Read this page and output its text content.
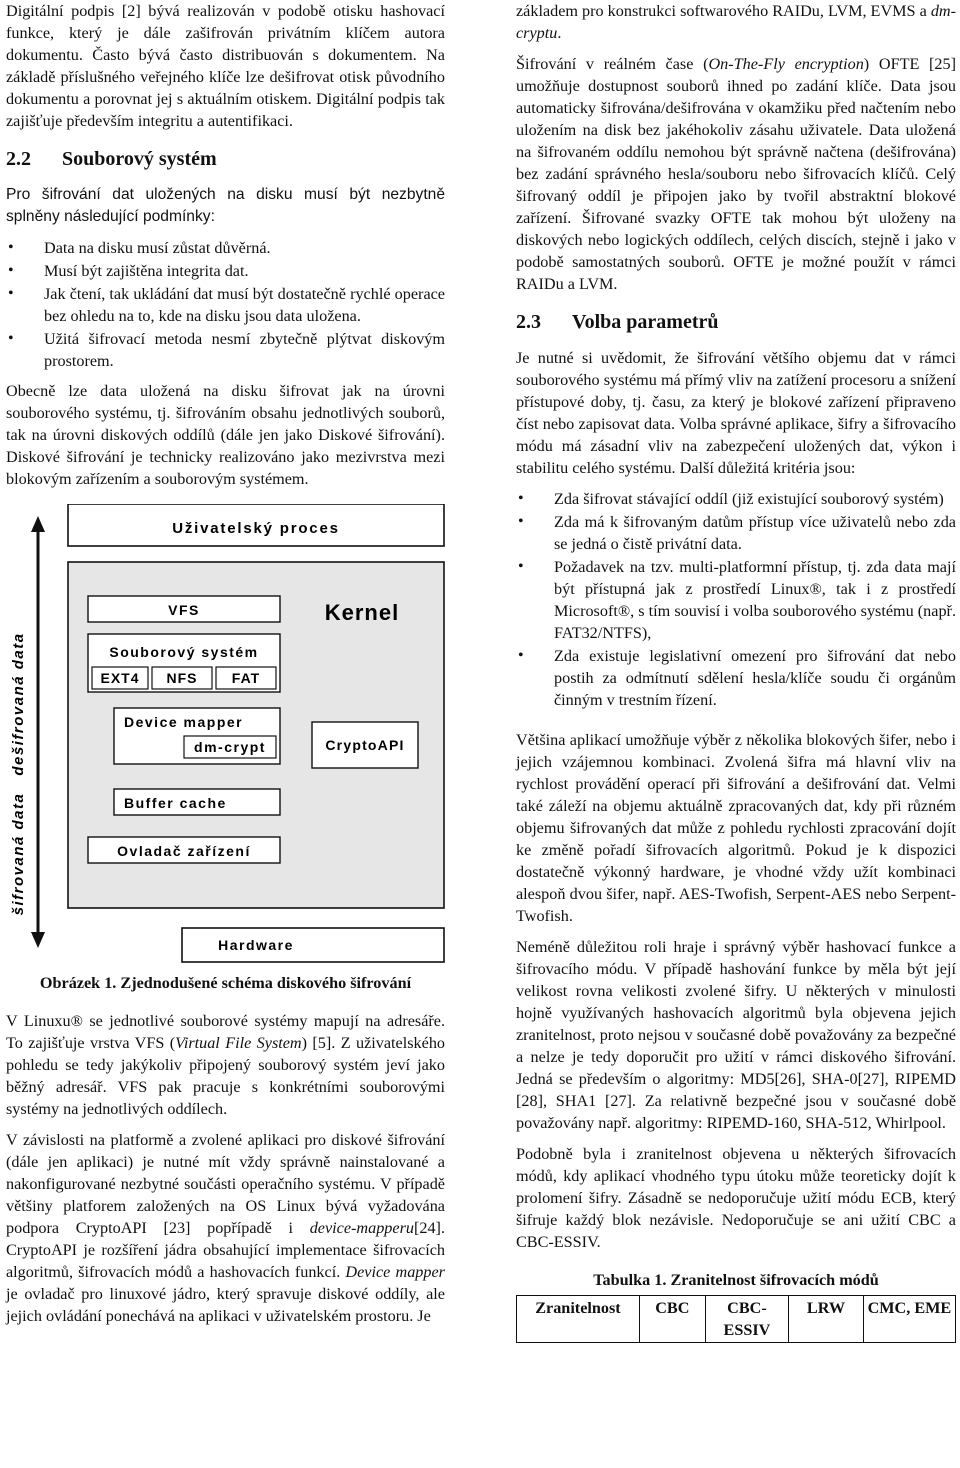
Digitální podpis [2] bývá realizován v podobě otisku hashovací funkce, který je dále zašifrován privátním klíčem autora dokumentu. Často bývá často distribuován s dokumentem. Na základě příslušného veřejného klíče lze dešifrovat otisk původního dokumentu a porovnat jej s aktuálním otiskem. Digitální podpis tak zajišťuje především integritu a autentifikaci.

2.2 Souborový systém

Pro šifrování dat uložených na disku musí být nezbytně splněny následující podmínky:

• Data na disku musí zůstat důvěrná.
• Musí být zajištěna integrita dat.
• Jak čtení, tak ukládání dat musí být dostatečně rychlé operace bez ohledu na to, kde na disku jsou data uložena.
• Užitá šifrovací metoda nesmí zbytečně plýtvat diskovým prostorem.

Obecně lze data uložená na disku šifrovat jak na úrovni souborového systému, tj. šifrováním obsahu jednotlivých souborů, tak na úrovni diskových oddílů (dále jen jako Diskové šifrování). Diskové šifrování je technicky realizováno jako mezivrstva mezi blokovým zařízením a souborovým systémem.

dešifrovaná data
šifrovaná data
Uživatelský proces
Kernel
VFS
Souborový systém
EXT4 NFS FAT
Device mapper
dm-crypt	CryptoAPI
Buffer cache
Ovladač zařízení
Hardware
Obrázek 1. Zjednodušené schéma diskového šifrování

V Linuxu® se jednotlivé souborové systémy mapují na adresáře. To zajišťuje vrstva VFS (Virtual File System) [5]. Z uživatelského pohledu se tedy jakýkoliv připojený souborový systém jeví jako běžný adresář. VFS pak pracuje s konkrétními souborovými systémy na jednotlivých oddílech.

V závislosti na platformě a zvolené aplikaci pro diskové šifrování (dále jen aplikaci) je nutné mít vždy správně nainstalované a nakonfigurované nezbytné součásti operačního systému. V případě většiny platforem založených na OS Linux bývá vyžadována podpora CryptoAPI [23] popřípadě i device-mapperu[24]. CryptoAPI je rozšíření jádra obsahující implementace šifrovacích algoritmů, šifrovacích módů a hashovacích funkcí. Device mapper je ovladač pro linuxové jádro, který spravuje diskové oddíly, ale jejich ovládání ponechává na aplikaci v uživatelském prostoru. Je

základem pro konstrukci softwarového RAIDu, LVM, EVMS a dm-cryptu.

Šifrování v reálném čase (On-The-Fly encryption) OFTE [25] umožňuje dostupnost souborů ihned po zadání klíče. Data jsou automaticky šifrována/dešifrována v okamžiku před načtením nebo uložením na disk bez jakéhokoliv zásahu uživatele. Data uložená na šifrovaném oddílu nemohou být správně načtena (dešifrována) bez zadání správného hesla/souboru nebo šifrovacích klíčů. Celý šifrovaný oddíl je připojen jako by tvořil abstraktní blokové zařízení. Šifrované svazky OFTE tak mohou být uloženy na diskových nebo logických oddílech, celých discích, stejně i jako v podobě samostatných souborů. OFTE je možné použít v rámci RAIDu a LVM.

2.3 Volba parametrů

Je nutné si uvědomit, že šifrování většího objemu dat v rámci souborového systému má přímý vliv na zatížení procesoru a snížení přístupové doby, tj. času, za který je blokové zařízení připraveno číst nebo zapisovat data. Volba správné aplikace, šifry a šifrovacího módu má zásadní vliv na zabezpečení uložených dat, výkon i stabilitu celého systému. Další důležitá kritéria jsou:

• Zda šifrovat stávající oddíl (již existující souborový systém)
• Zda má k šifrovaným datům přístup více uživatelů nebo zda se jedná o čistě privátní data.
• Požadavek na tzv. multi-platformní přístup, tj. zda data mají být přístupná jak z prostředí Linux®, tak i z prostředí Microsoft®, s tím souvisí i volba souborového systému (např. FAT32/NTFS),
• Zda existuje legislativní omezení pro šifrování dat nebo postih za odmítnutí sdělení hesla/klíče soudu či orgánům činným v trestním řízení.

Většina aplikací umožňuje výběr z několika blokových šifer, nebo i jejich vzájemnou kombinaci. Zvolená šifra má hlavní vliv na rychlost provádění operací při šifrování a dešifrování dat. Velmi také záleží na objemu aktuálně zpracovaných dat, kdy při různém objemu šifrovaných dat může z pohledu rychlosti zpracování dojít ke změně pořadí šifrovacích algoritmů. Pokud je k dispozici dostatečně výkonný hardware, je vhodné vždy užít kombinaci alespoň dvou šifer, např. AES-Twofish, Serpent-AES nebo Serpent-Twofish.

Neméně důležitou roli hraje i správný výběr hashovací funkce a šifrovacího módu. V případě hashování funkce by měla být její velikost rovna velikosti zvolené šifry. U některých v minulosti hojně využívaných hashovacích algoritmů byla objevena jejich zranitelnost, proto nejsou v současné době považovány za bezpečné a nelze je tedy doporučit pro užití v rámci diskového šifrování. Jedná se především o algoritmy: MD5[26], SHA-0[27], RIPEMD [28], SHA1 [27]. Za relativně bezpečné jsou v současné době považovány např. algoritmy: RIPEMD-160, SHA-512, Whirlpool.

Podobně byla i zranitelnost objevena u některých šifrovacích módů, kdy aplikací vhodného typu útoku může teoreticky dojít k prolomení šifry. Zásadně se nedoporučuje užití módu ECB, který šifruje každý blok nezávisle. Nedoporučuje se ani užití CBC a CBC-ESSIV.

Tabulka 1. Zranitelnost šifrovacích módů
Zranitelnost	CBC	CBC-ESSIV	LRW	CMC, EME
